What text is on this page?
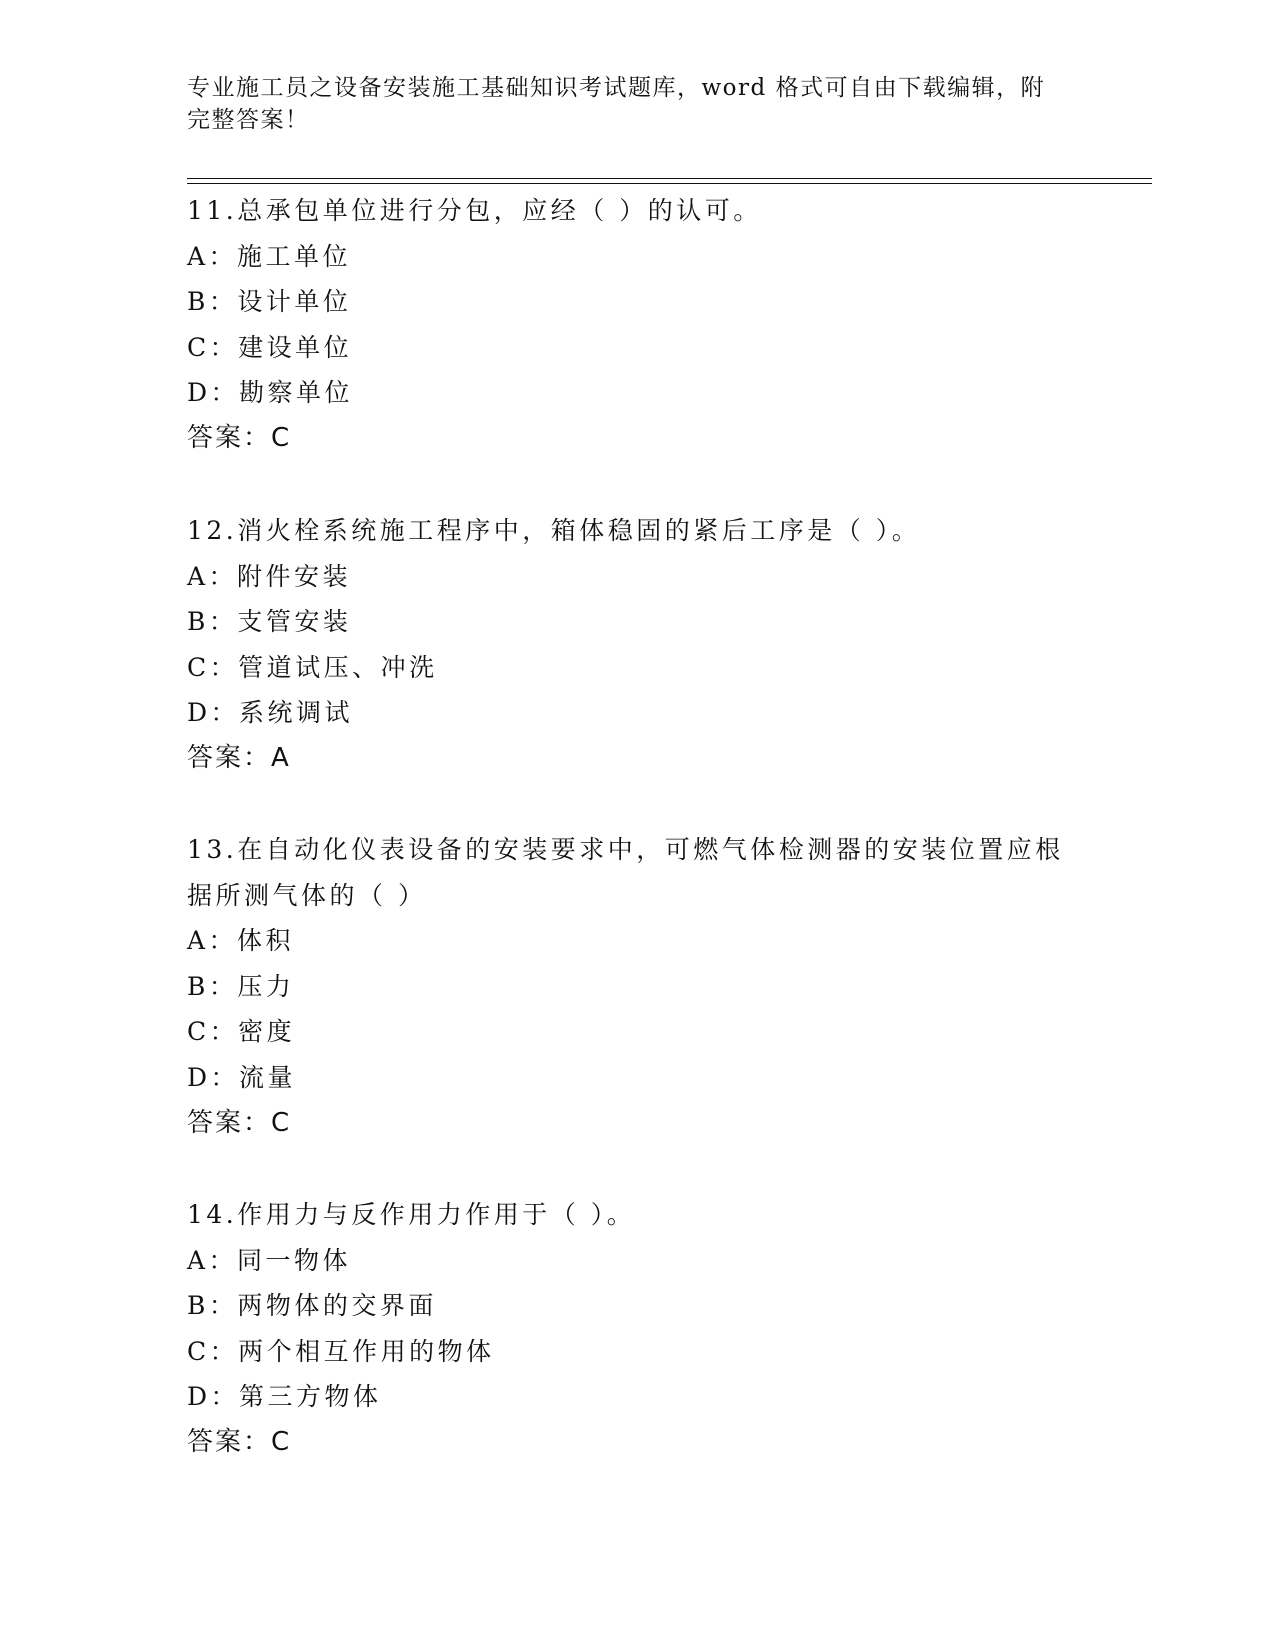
专业施工员之设备安装施工基础知识考试题库，word 格式可自由下载编辑，附完整答案！
11.总承包单位进行分包，应经（ ）的认可。
A：施工单位
B：设计单位
C：建设单位
D：勘察单位
答案：C
12.消火栓系统施工程序中，箱体稳固的紧后工序是（ ）。
A：附件安装
B：支管安装
C：管道试压、冲洗
D：系统调试
答案：A
13.在自动化仪表设备的安装要求中，可燃气体检测器的安装位置应根据所测气体的（ ）
A：体积
B：压力
C：密度
D：流量
答案：C
14.作用力与反作用力作用于（ ）。
A：同一物体
B：两物体的交界面
C：两个相互作用的物体
D：第三方物体
答案：C
